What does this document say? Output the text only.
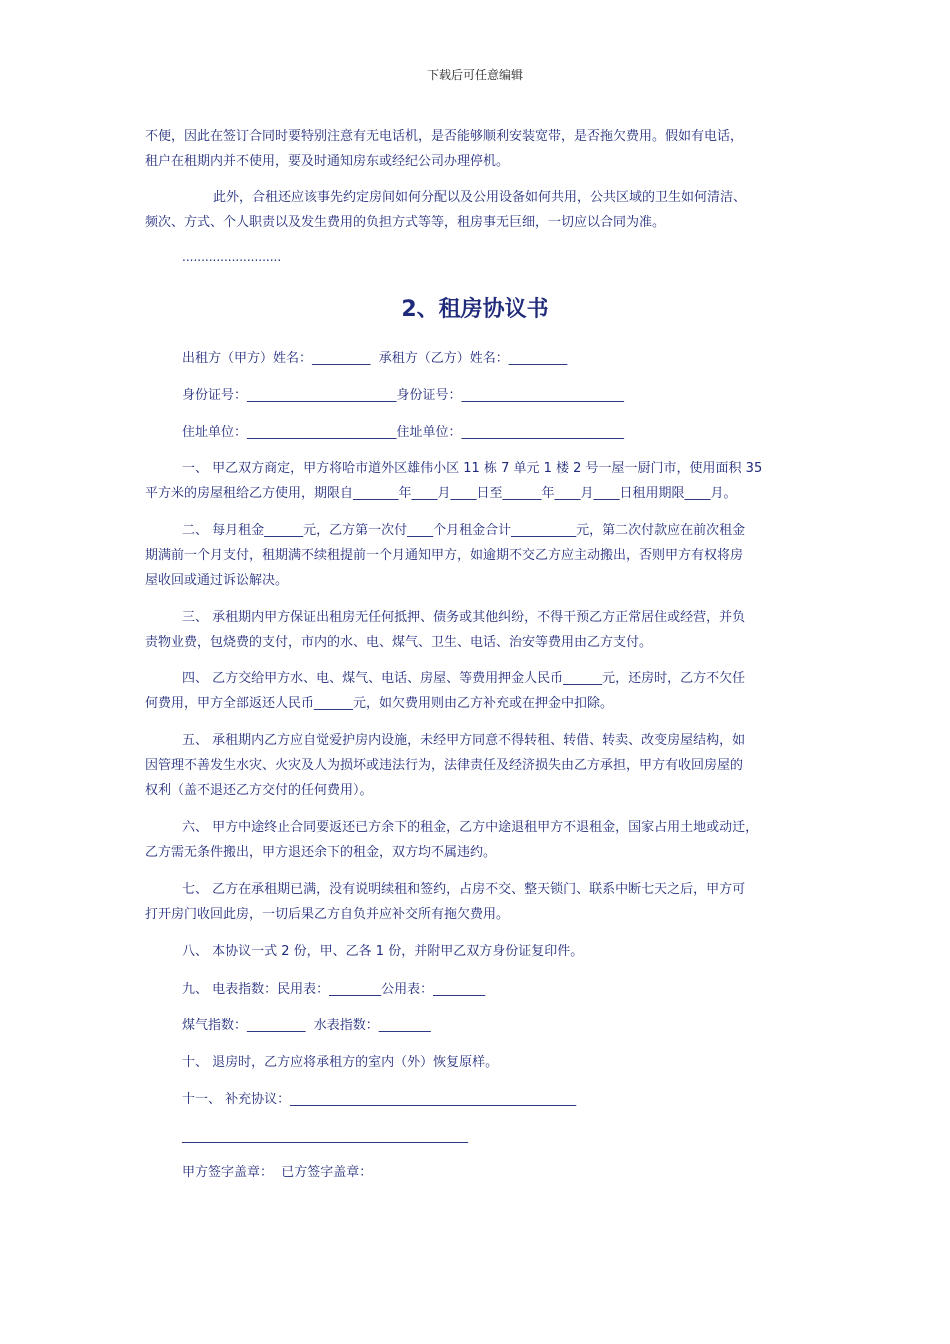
下载后可任意编辑
不便，因此在签订合同时要特别注意有无电话机，是否能够顺利安装宽带，是否拖欠费用。假如有电话，
租户在租期内并不使用，要及时通知房东或经纪公司办理停机。
此外，合租还应该事先约定房间如何分配以及公用设备如何共用，公共区域的卫生如何清洁、
频次、方式、个人职责以及发生费用的负担方式等等，租房事无巨细，一切应以合同为准。
..........................
2、租房协议书
出租方（甲方）姓名：_________  承租方（乙方）姓名：_________
身份证号：_______________________身份证号：_________________________
住址单位：_______________________住址单位：_________________________
一、 甲乙双方商定，甲方将哈市道外区雄伟小区 11 栋 7 单元 1 楼 2 号一屋一厨门市，使用面积 35
平方米的房屋租给乙方使用，期限自_______年____月____日至______年____月____日租用期限____月。
二、 每月租金______元，乙方第一次付____个月租金合计__________元，第二次付款应在前次租金
期满前一个月支付，租期满不续租提前一个月通知甲方，如逾期不交乙方应主动搬出，否则甲方有权将房
屋收回或通过诉讼解决。
三、 承租期内甲方保证出租房无任何抵押、债务或其他纠纷，不得干预乙方正常居住或经营，并负
责物业费，包烧费的支付，市内的水、电、煤气、卫生、电话、治安等费用由乙方支付。
四、 乙方交给甲方水、电、煤气、电话、房屋、等费用押金人民币______元，还房时，乙方不欠任
何费用，甲方全部返还人民币______元，如欠费用则由乙方补充或在押金中扣除。
五、 承租期内乙方应自觉爱护房内设施，未经甲方同意不得转租、转借、转卖、改变房屋结构，如
因管理不善发生水灾、火灾及人为损坏或违法行为，法律责任及经济损失由乙方承担，甲方有收回房屋的
权利（盖不退还乙方交付的任何费用）。
六、 甲方中途终止合同要返还已方余下的租金，乙方中途退租甲方不退租金，国家占用土地或动迁，
乙方需无条件搬出，甲方退还余下的租金，双方均不属违约。
七、 乙方在承租期已满，没有说明续租和签约，占房不交、整天锁门、联系中断七天之后，甲方可
打开房门收回此房，一切后果乙方自负并应补交所有拖欠费用。
八、 本协议一式 2 份，甲、乙各 1 份，并附甲乙双方身份证复印件。
九、 电表指数：民用表：________公用表：________
煤气指数：_________  水表指数：________
十、 退房时，乙方应将承租方的室内（外）恢复原样。
十一、 补充协议：____________________________________________
____________________________________________
甲方签字盖章：  已方签字盖章：
